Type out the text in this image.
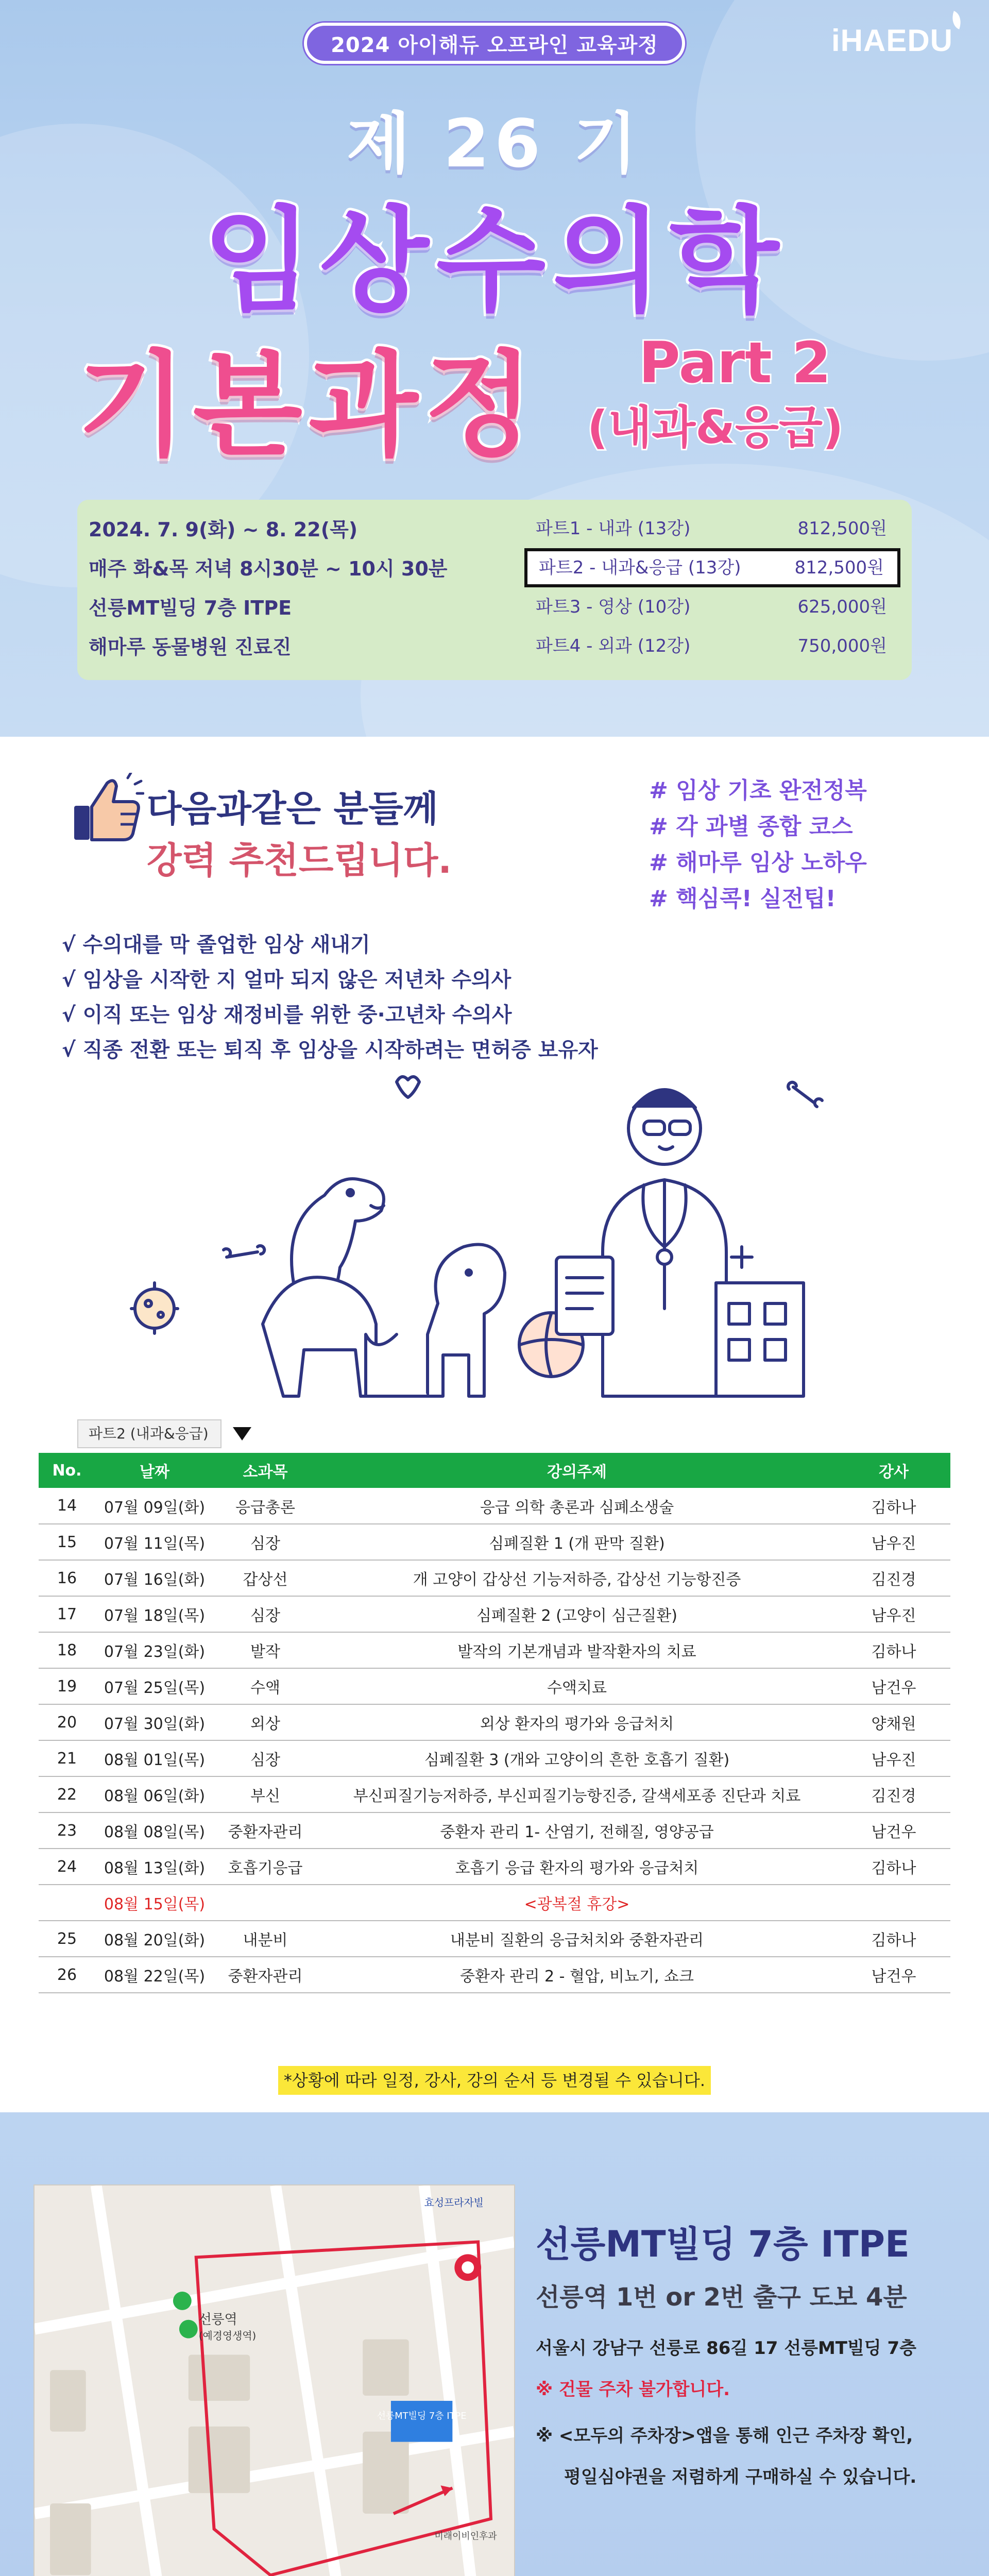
2024 아이해듀 오프라인 교육과정	iHAEDU
제 26 기
임상수의학
기본과정 Part 2
(내과&응급)
2024. 7. 9(화) ~ 8. 22(목)
매주 화&목 저녁 8시30분 ~ 10시 30분
선릉MT빌딩 7층 ITPE
해마루 동물병원 진료진
파트1 - 내과 (13강)	812,500원
파트2 - 내과&응급 (13강)	812,500원
파트3 - 영상 (10강)	625,000원
파트4 - 외과 (12강)	750,000원
다음과같은 분들께
강력 추천드립니다.
# 임상 기초 완전정복
# 각 과별 종합 코스
# 해마루 임상 노하우
# 핵심콕! 실전팁!
√ 수의대를 막 졸업한 임상 새내기
√ 임상을 시작한 지 얼마 되지 않은 저년차 수의사
√ 이직 또는 임상 재정비를 위한 중·고년차 수의사
√ 직종 전환 또는 퇴직 후 임상을 시작하려는 면허증 보유자
파트2 (내과&응급)
No.	날짜	소과목	강의주제	강사
14	07월 09일(화)	응급총론	응급 의학 총론과 심폐소생술	김하나
15	07월 11일(목)	심장	심폐질환 1 (개 판막 질환)	남우진
16	07월 16일(화)	갑상선	개 고양이 갑상선 기능저하증, 갑상선 기능항진증	김진경
17	07월 18일(목)	심장	심폐질환 2 (고양이 심근질환)	남우진
18	07월 23일(화)	발작	발작의 기본개념과 발작환자의 치료	김하나
19	07월 25일(목)	수액	수액치료	남건우
20	07월 30일(화)	외상	외상 환자의 평가와 응급처치	양채원
21	08월 01일(목)	심장	심폐질환 3 (개와 고양이의 흔한 호흡기 질환)	남우진
22	08월 06일(화)	부신	부신피질기능저하증, 부신피질기능항진증, 갈색세포종 진단과 치료	김진경
23	08월 08일(목)	중환자관리	중환자 관리 1- 산염기, 전해질, 영양공급	남건우
24	08월 13일(화)	호흡기응급	호흡기 응급 환자의 평가와 응급처치	김하나
	08월 15일(목)		<광복절 휴강>	
25	08월 20일(화)	내분비	내분비 질환의 응급처치와 중환자관리	김하나
26	08월 22일(목)	중환자관리	중환자 관리 2 - 혈압, 비뇨기, 쇼크	남건우
*상황에 따라 일정, 강사, 강의 순서 등 변경될 수 있습니다.
선릉역
(예경영생역)
효성프라자빌
선릉MT빌딩 7층 ITPE
미래이비인후과
선릉MT빌딩 7층 ITPE
선릉역 1번 or 2번 출구 도보 4분
서울시 강남구 선릉로 86길 17 선릉MT빌딩 7층
※ 건물 주차 불가합니다.
※ <모두의 주차장>앱을 통해 인근 주차장 확인,
평일심야권을 저렴하게 구매하실 수 있습니다.
